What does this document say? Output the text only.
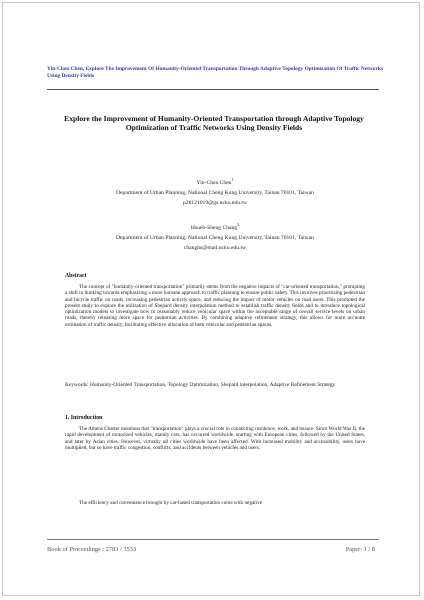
Yin-Chen Chen, Explore The Improvement Of Humanity-Oriented Transportation Through Adaptive Topology Optimization Of Traffic Networks Using Density Fields
Explore the Improvement of Humanity-Oriented Transportation through Adaptive Topology Optimization of Traffic Networks Using Density Fields
Yin-Chen Chen$^1$
Department of Urban Planning, National Cheng Kung University, Tainan 70101, Taiwan
p28121019@gs.ncku.edu.tw
Hsueh-Sheng Chang$^2$
Department of Urban Planning, National Cheng Kung University, Tainan 70101, Taiwan
changhs@mail.ncku.edu.tw
Abstract
The concept of "humanity-oriented transportation" primarily stems from the negative impacts of "car-oriented transportation," prompting a shift in thinking towards emphasizing a more humane approach to traffic planning to ensure public safety. This involves prioritizing pedestrian and bicycle traffic on roads, increasing pedestrian activity space, and reducing the impact of motor vehicles on road users. This prompted the present study to explore the utilization of Shepard density interpolation method to establish traffic density fields and to introduce topological optimization models to investigate how to reasonably reduce vehicular space within the acceptable range of overall service levels on urban roads, thereby releasing more space for pedestrian activities. By combining adaptive refinement strategy, this allows for more accurate estimation of traffic density, facilitating effective allocation of both vehicular and pedestrian spaces.
Keywords: Humanity-Oriented Transportation, Topology Optimization, Shepard interpolation, Adaptive Refinement Strategy
1. Introduction
The Athens Charter mentions that "transportation" plays a crucial role in connecting residence, work, and leisure. Since World War II, the rapid development of motorized vehicles, mainly cars, has occurred worldwide, starting with European cities, followed by the United States, and later by Asian cities. However, virtually all cities worldwide have been affected. With increased mobility and accessibility, users have multiplied, but so have traffic congestion, conflicts, and accidents between vehicles and users.
The efficiency and convenience brought by car-based transportation come with negative
Book of Proceedings : 2783 / 3553	Paper: 1 / 8
